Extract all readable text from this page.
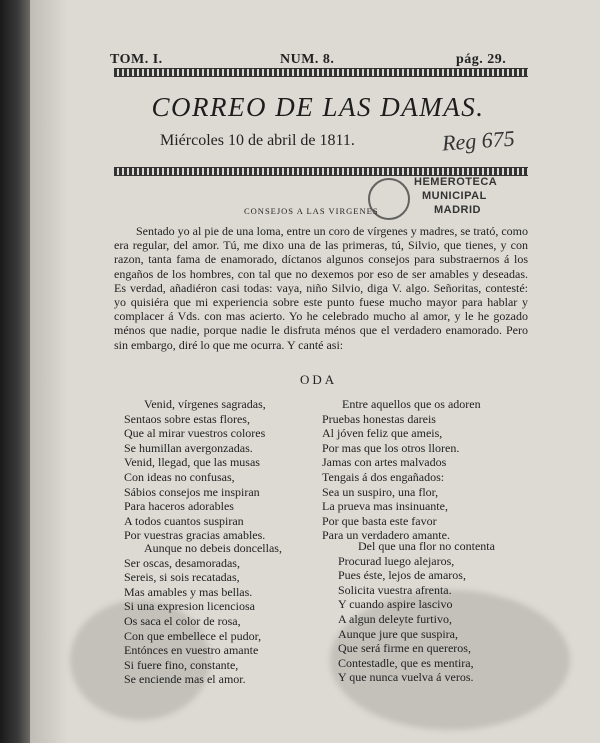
TOM. I.	NUM. 8.	pág. 29.
CORREO DE LAS DAMAS.
Miércoles 10 de abril de 1811.	Reg 675
HEMEROTECA
MUNICIPAL
MADRID
CONSEJOS A LAS VIRGENES

Sentado yo al pie de una loma, entre un coro de vírgenes y madres, se trató, como era regular, del amor. Tú, me dixo una de las primeras, tú, Silvio, que tienes, y con razon, tanta fama de enamorado, díctanos algunos consejos para substraernos á los engaños de los hombres, con tal que no dexemos por eso de ser amables y deseadas. Es verdad, añadiéron casi todas: vaya, niño Silvio, diga V. algo. Señoritas, contesté: yo quisiéra que mi experiencia sobre este punto fuese mucho mayor para hablar y complacer á Vds. con mas acierto. Yo he celebrado mucho al amor, y le he gozado ménos que nadie, porque nadie le disfruta ménos que el verdadero enamorado. Pero sin embargo, diré lo que me ocurra. Y canté asi:

ODA
Venid, vírgenes sagradas,
Sentaos sobre estas flores,
Que al mirar vuestros colores
Se humillan avergonzadas.
Venid, llegad, que las musas
Con ideas no confusas,
Sábios consejos me inspiran
Para haceros adorables
A todos cuantos suspiran
Por vuestras gracias amables.
Entre aquellos que os adoren
Pruebas honestas dareis
Al jóven feliz que ameis,
Por mas que los otros lloren.
Jamas con artes malvados
Tengais á dos engañados:
Sea un suspiro, una flor,
La prueva mas insinuante,
Por que basta este favor
Para un verdadero amante.
Aunque no debeis doncellas,
Ser oscas, desamoradas,
Sereis, si sois recatadas,
Mas amables y mas bellas.
Si una expresion licenciosa
Os saca el color de rosa,
Con que embellece el pudor,
Entónces en vuestro amante
Si fuere fino, constante,
Se enciende mas el amor.
Del que una flor no contenta
Procurad luego alejaros,
Pues éste, lejos de amaros,
Solicita vuestra afrenta.
Y cuando aspire lascivo
A algun deleyte furtivo,
Aunque jure que suspira,
Que será firme en quereros,
Contestadle, que es mentira,
Y que nunca vuelva á veros.
